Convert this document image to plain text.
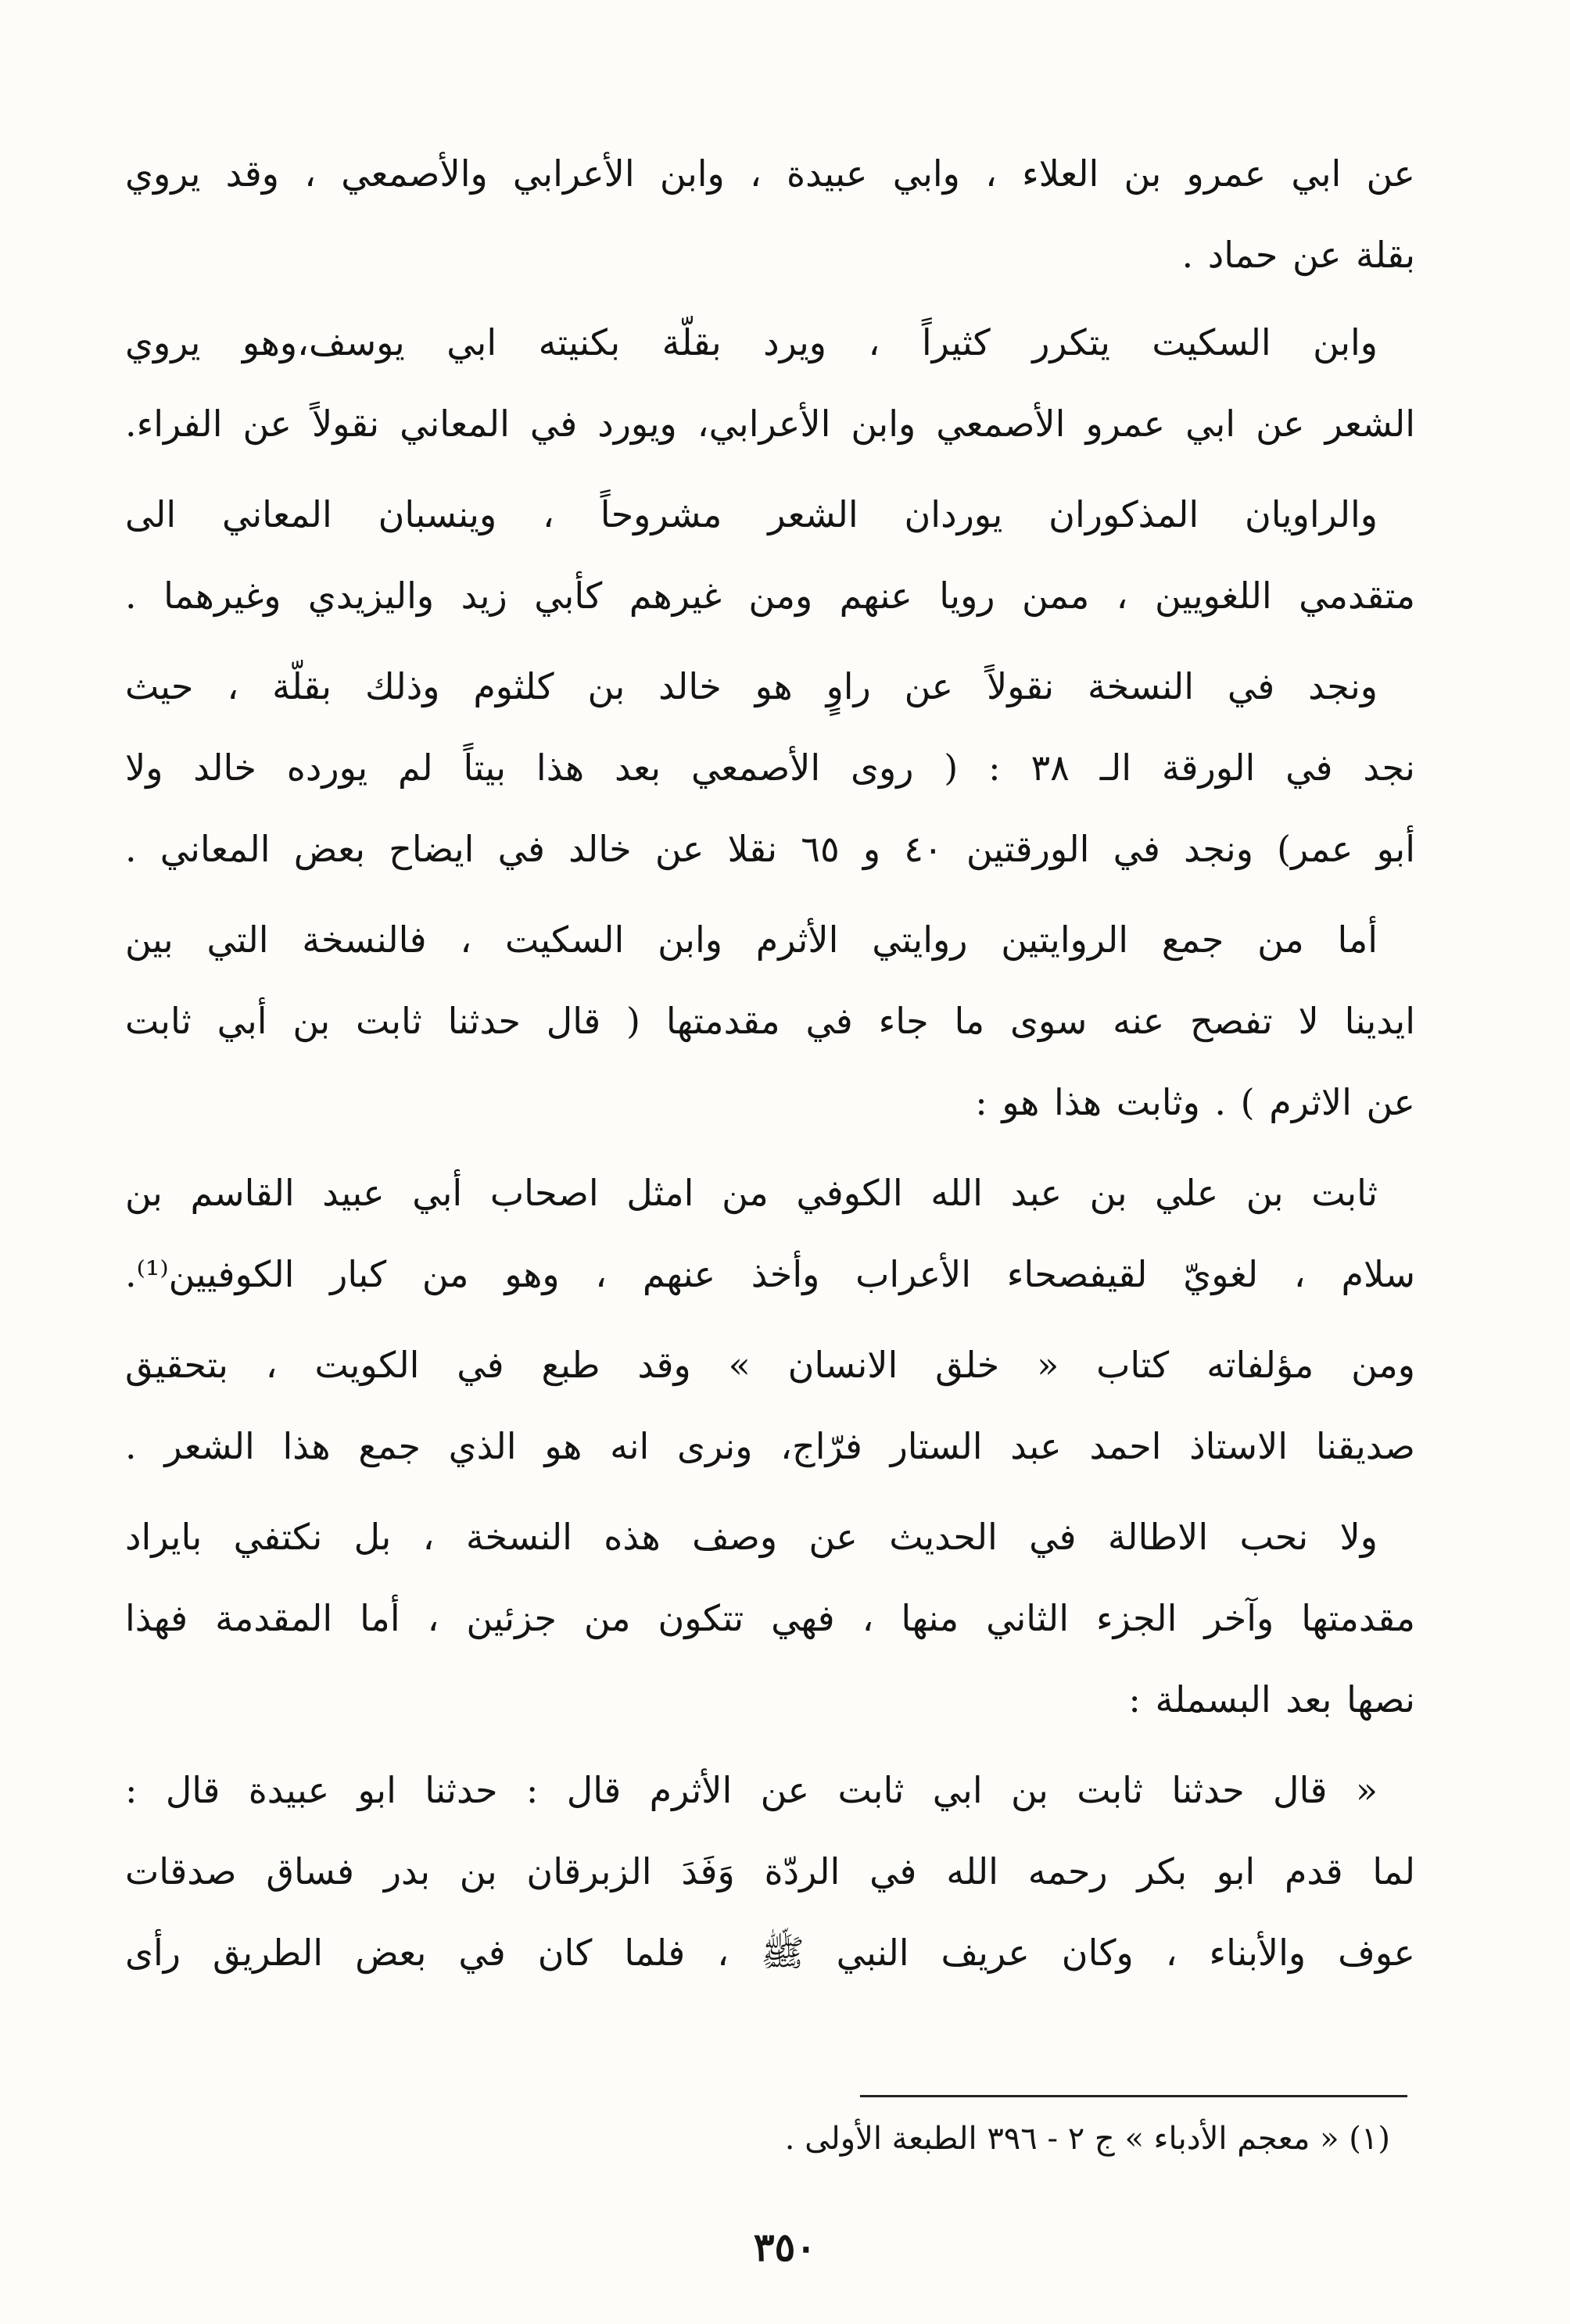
عن ابي عمرو بن العلاء ، وابي عبيدة ، وابن الأعرابي والأصمعي ، وقد يروي
بقلة عن حماد .
وابن السكيت يتكرر كثيراً ، ويرد بقلّة بكنيته ابي يوسف،وهو يروي
الشعر عن ابي عمرو الأصمعي وابن الأعرابي، ويورد في المعاني نقولاً عن الفراء.
والراويان المذكوران يوردان الشعر مشروحاً ، وينسبان المعاني الى
متقدمي اللغويين ، ممن رويا عنهم ومن غيرهم كأبي زيد واليزيدي وغيرهما .
ونجد في النسخة نقولاً عن راوٍ هو خالد بن كلثوم وذلك بقلّة ، حيث
نجد في الورقة الـ ٣٨ : ( روى الأصمعي بعد هذا بيتاً لم يورده خالد ولا
أبو عمر) ونجد في الورقتين ٤٠ و ٦٥ نقلا عن خالد في ايضاح بعض المعاني .
أما من جمع الروايتين روايتي الأثرم وابن السكيت ، فالنسخة التي بين
ايدينا لا تفصح عنه سوى ما جاء في مقدمتها ( قال حدثنا ثابت بن أبي ثابت
عن الاثرم ) . وثابت هذا هو :
ثابت بن علي بن عبد الله الكوفي من امثل اصحاب أبي عبيد القاسم بن
سلام ، لغويّ لقيفصحاء الأعراب وأخذ عنهم ، وهو من كبار الكوفيين⁽¹⁾.
ومن مؤلفاته كتاب « خلق الانسان » وقد طبع في الكويت ، بتحقيق
صديقنا الاستاذ احمد عبد الستار فرّاج، ونرى انه هو الذي جمع هذا الشعر .
ولا نحب الاطالة في الحديث عن وصف هذه النسخة ، بل نكتفي بايراد
مقدمتها وآخر الجزء الثاني منها ، فهي تتكون من جزئين ، أما المقدمة فهذا
نصها بعد البسملة :
« قال حدثنا ثابت بن ابي ثابت عن الأثرم قال : حدثنا ابو عبيدة قال :
لما قدم ابو بكر رحمه الله في الردّة وَفَدَ الزبرقان بن بدر فساق صدقات
عوف والأبناء ، وكان عريف النبي ﷺ ، فلما كان في بعض الطريق رأى
(١) « معجم الأدباء » ج ٢ - ٣٩٦ الطبعة الأولى .
٣٥٠
